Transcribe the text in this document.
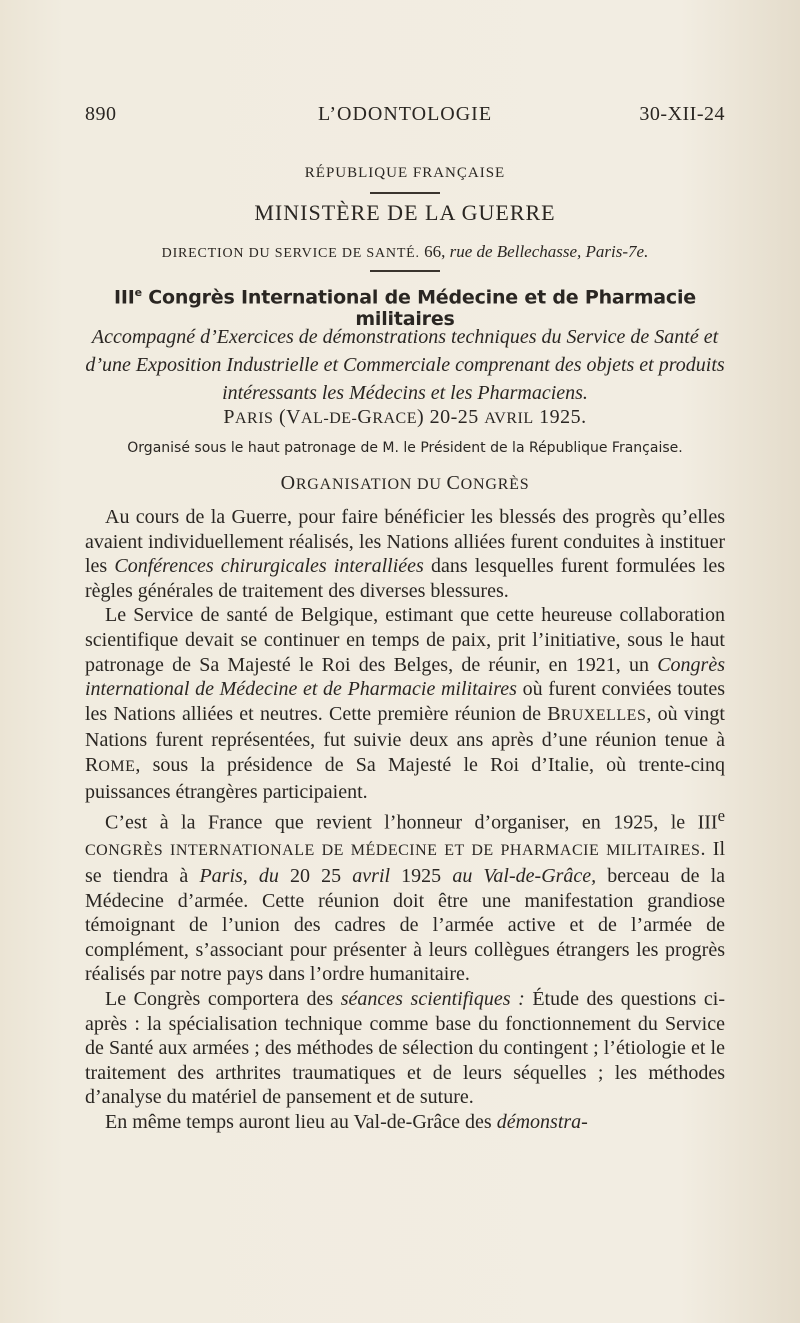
890	L’ODONTOLOGIE	30-XII-24
RÉPUBLIQUE FRANÇAISE
MINISTÈRE DE LA GUERRE
DIRECTION DU SERVICE DE SANTÉ. 66, rue de Bellechasse, Paris-7e.
IIIe Congrès International de Médecine et de Pharmacie militaires
Accompagné d’Exercices de démonstrations techniques du Service de Santé et d’une Exposition Industrielle et Commerciale comprenant des objets et produits intéressants les Médecins et les Pharmaciens.
PARIS (VAL-DE-GRACE) 20-25 AVRIL 1925.
Organisé sous le haut patronage de M. le Président de la République Française.
ORGANISATION DU CONGRÈS

Au cours de la Guerre, pour faire bénéficier les blessés des progrès qu’elles avaient individuellement réalisés, les Nations alliées furent conduites à instituer les Conférences chirurgicales interalliées dans lesquelles furent formulées les règles générales de traitement des diverses blessures.

Le Service de santé de Belgique, estimant que cette heureuse collaboration scientifique devait se continuer en temps de paix, prit l’initiative, sous le haut patronage de Sa Majesté le Roi des Belges, de réunir, en 1921, un Congrès international de Médecine et de Pharmacie militaires où furent conviées toutes les Nations alliées et neutres. Cette première réunion de BRUXELLES, où vingt Nations furent représentées, fut suivie deux ans après d’une réunion tenue à ROME, sous la présidence de Sa Majesté le Roi d’Italie, où trente-cinq puissances étrangères participaient.

C’est à la France que revient l’honneur d’organiser, en 1925, le IIIe CONGRÈS INTERNATIONALE DE MÉDECINE ET DE PHARMACIE MILITAIRES. Il se tiendra à Paris, du 20 25 avril 1925 au Val-de-Grâce, berceau de la Médecine d’armée. Cette réunion doit être une manifestation grandiose témoignant de l’union des cadres de l’armée active et de l’armée de complément, s’associant pour présenter à leurs collègues étrangers les progrès réalisés par notre pays dans l’ordre humanitaire.

Le Congrès comportera des séances scientifiques : Étude des questions ci-après : la spécialisation technique comme base du fonctionnement du Service de Santé aux armées ; des méthodes de sélection du contingent ; l’étiologie et le traitement des arthrites traumatiques et de leurs séquelles ; les méthodes d’analyse du matériel de pansement et de suture.

En même temps auront lieu au Val-de-Grâce des démonstra-
